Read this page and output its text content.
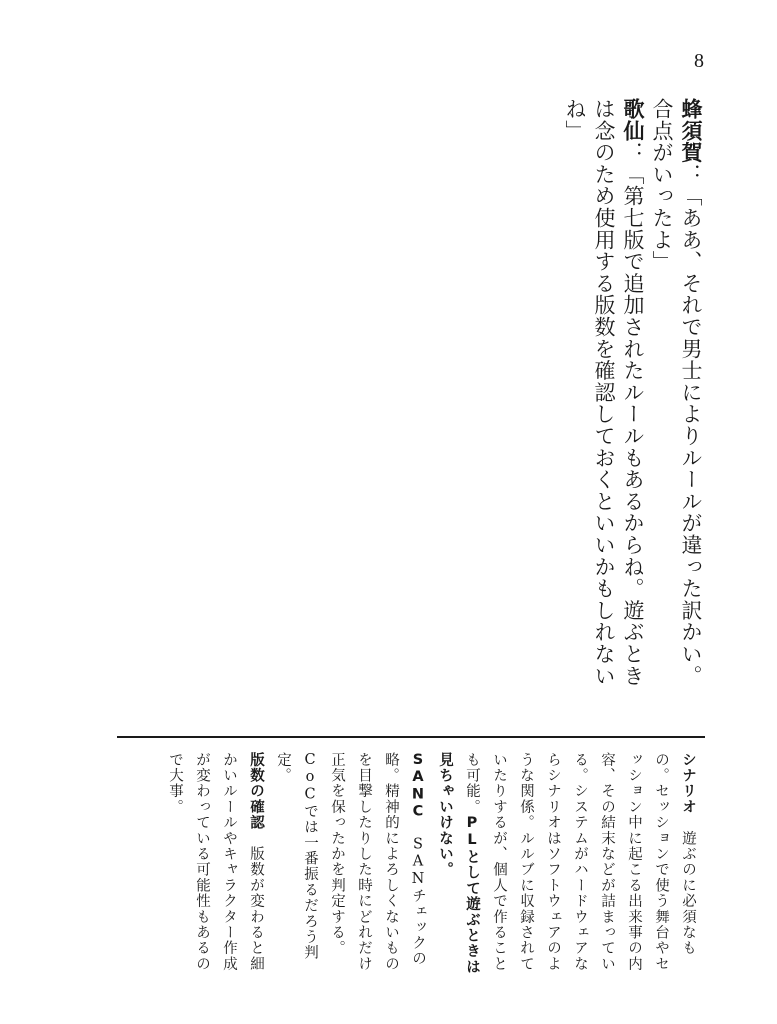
8
蜂須賀：「ああ、それで男士によりルールが違った訳かい。合点がいったよ」
歌仙：「第七版で追加されたルールもあるからね。遊ぶときは念のため使用する版数を確認しておくといいかもしれないね」
シナリオ　遊ぶのに必須なもの。セッションで使う舞台やセッション中に起こる出来事の内容、その結末などが詰まっている。システムがハードウェアならシナリオはソフトウェアのような関係。ルルブに収録されていたりするが、個人で作ることも可能。PLとして遊ぶときは見ちゃいけない。
SANC　SANチェックの略。精神的によろしくないものを目撃したりした時にどれだけ正気を保ったかを判定する。CoCでは一番振るだろう判定。
版数の確認　版数が変わると細かいルールやキャラクター作成が変わっている可能性もあるので大事。
